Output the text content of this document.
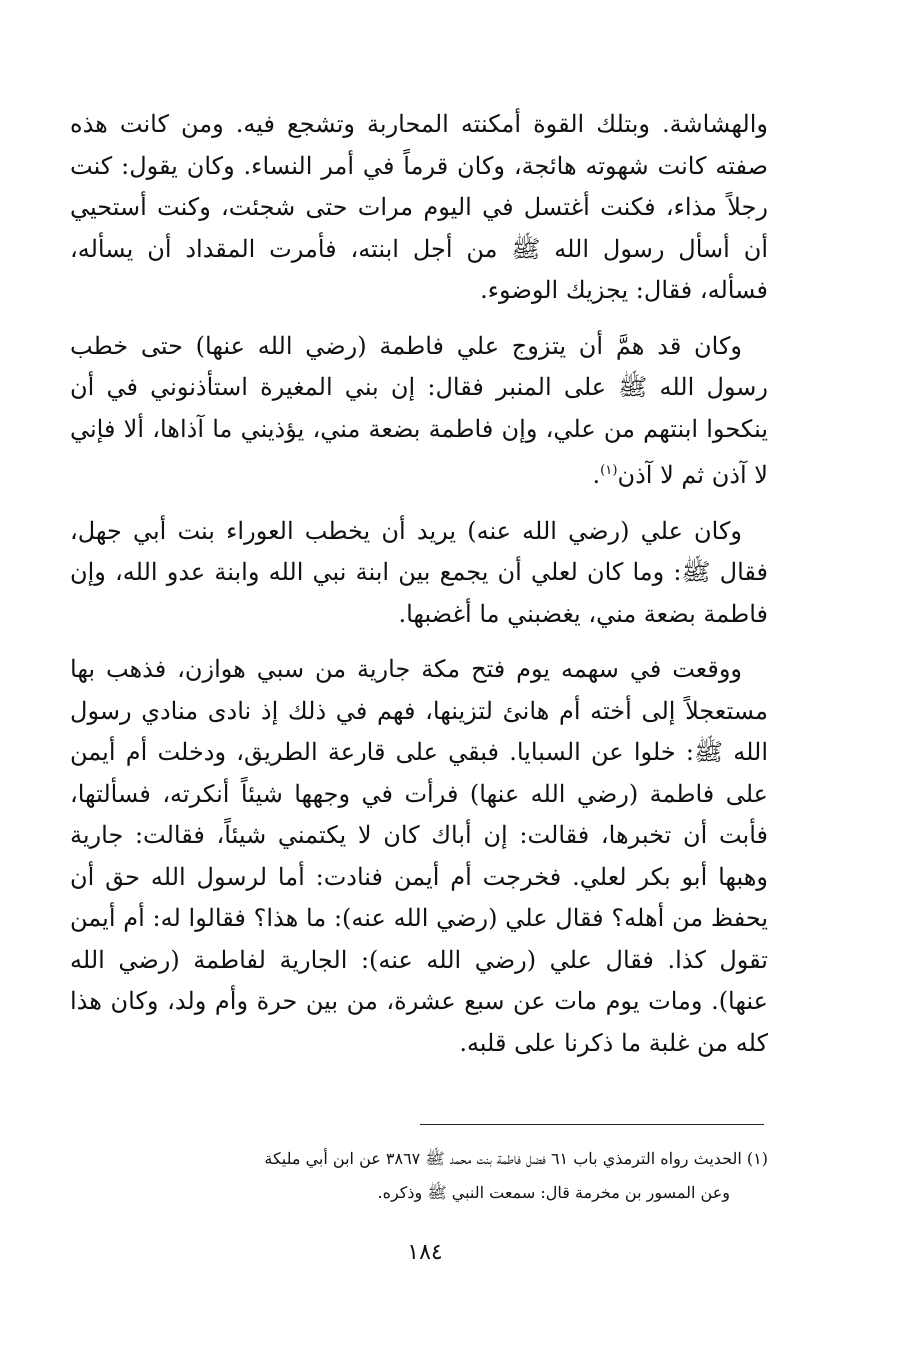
والهشاشة. وبتلك القوة أمكنته المحاربة وتشجع فيه. ومن كانت هذه صفته كانت شهوته هائجة، وكان قرماً في أمر النساء. وكان يقول: كنت رجلاً مذاء، فكنت أغتسل في اليوم مرات حتى شجئت، وكنت أستحيي أن أسأل رسول الله ﷺ من أجل ابنته، فأمرت المقداد أن يسأله، فسأله، فقال: يجزيك الوضوء.

وكان قد همَّ أن يتزوج علي فاطمة (رضي الله عنها) حتى خطب رسول الله ﷺ على المنبر فقال: إن بني المغيرة استأذنوني في أن ينكحوا ابنتهم من علي، وإن فاطمة بضعة مني، يؤذيني ما آذاها، ألا فإني لا آذن ثم لا آذن$^{(١)}$.

وكان علي (رضي الله عنه) يريد أن يخطب العوراء بنت أبي جهل، فقال ﷺ: وما كان لعلي أن يجمع بين ابنة نبي الله وابنة عدو الله، وإن فاطمة بضعة مني، يغضبني ما أغضبها.

ووقعت في سهمه يوم فتح مكة جارية من سبي هوازن، فذهب بها مستعجلاً إلى أخته أم هانئ لتزينها، فهم في ذلك إذ نادى منادي رسول الله ﷺ: خلوا عن السبايا. فبقي على قارعة الطريق، ودخلت أم أيمن على فاطمة (رضي الله عنها) فرأت في وجهها شيئاً أنكرته، فسألتها، فأبت أن تخبرها، فقالت: إن أباك كان لا يكتمني شيئاً، فقالت: جارية وهبها أبو بكر لعلي. فخرجت أم أيمن فنادت: أما لرسول الله حق أن يحفظ من أهله؟ فقال علي (رضي الله عنه): ما هذا؟ فقالوا له: أم أيمن تقول كذا. فقال علي (رضي الله عنه): الجارية لفاطمة (رضي الله عنها). ومات يوم مات عن سبع عشرة، من بين حرة وأم ولد، وكان هذا كله من غلبة ما ذكرنا على قلبه.

(١) الحديث رواه الترمذي باب ٦١ فضل فاطمة بنت محمد ﷺ ٣٨٦٧ عن ابن أبي مليكة
وعن المسور بن مخرمة قال: سمعت النبي ﷺ وذكره.
١٨٤
